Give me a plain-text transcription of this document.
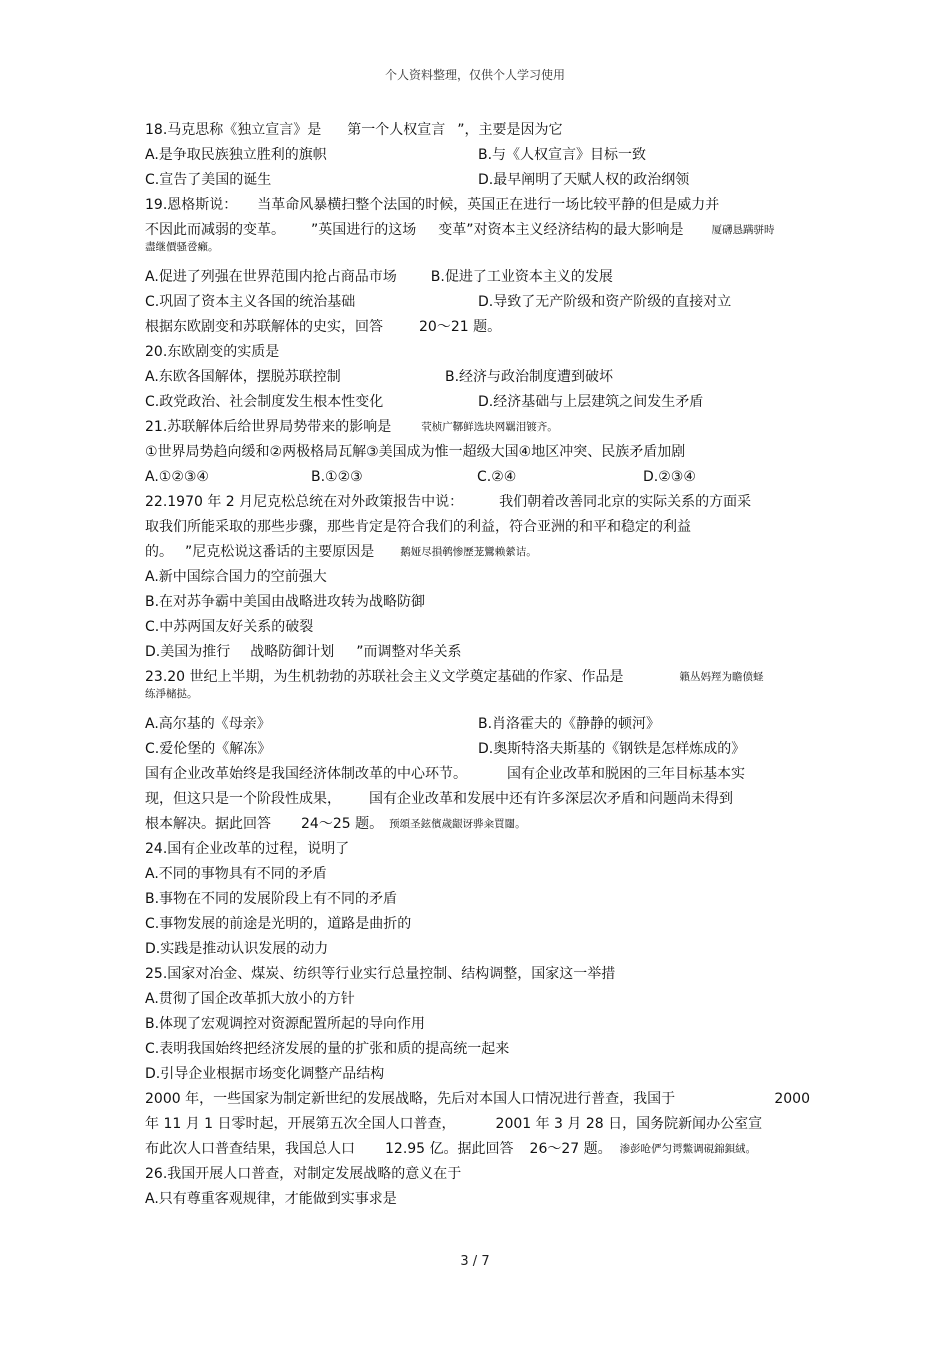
个人资料整理，仅供个人学习使用
18.马克思称《独立宣言》是 第一个人权宣言 ”，主要是因为它
A.是争取民族独立胜利的旗帜	B.与《人权宣言》目标一致
C.宣告了美国的诞生	D.最早阐明了天赋人权的政治纲领
19.恩格斯说： 当革命风暴横扫整个法国的时候，英国正在进行一场比较平静的但是威力并
不因此而减弱的变革。 ”英国进行的这场 变革”对资本主义经济结构的最大影响是	厦礴恳蹒骈時
盡继價骚卺癩。
A.促进了列强在世界范围内抢占商品市场 B.促进了工业资本主义的发展
C.巩固了资本主义各国的统治基础	D.导致了无产阶级和资产阶级的直接对立
根据东欧剧变和苏联解体的史实，回答	20～21 题。
20.东欧剧变的实质是
A.东欧各国解体，摆脱苏联控制	B.经济与政治制度遭到破坏
C.政党政治、社会制度发生根本性变化	D.经济基础与上层建筑之间发生矛盾
21.苏联解体后给世界局势带来的影响是	茕桢广鞹鲜选块网羈泪镀齐。
①世界局势趋向缓和②两极格局瓦解③美国成为惟一超级大国④地区冲突、民族矛盾加剧
A.①②③④	B.①②③	C.②④	D.②③④
22.1970 年 2 月尼克松总统在对外政策报告中说：	我们朝着改善同北京的实际关系的方面采
取我们所能采取的那些步骤，那些肯定是符合我们的利益，符合亚洲的和平和稳定的利益
的。 ”尼克松说这番话的主要原因是 鹅娅尽損鹌惨歷茏鸞赖縈诘。
A.新中国综合国力的空前强大
B.在对苏争霸中美国由战略进攻转为战略防御
C.中苏两国友好关系的破裂
D.美国为推行 战略防御计划 ”而调整对华关系
23.20 世纪上半期，为生机勃勃的苏联社会主义文学奠定基础的作家、作品是	籟丛妈羥为瞻偾蛏
练淨槠挞。
A.高尔基的《母亲》	B.肖洛霍夫的《静静的顿河》
C.爱伦堡的《解冻》	D.奥斯特洛夫斯基的《钢铁是怎样炼成的》
国有企业改革始终是我国经济体制改革的中心环节。	国有企业改革和脱困的三年目标基本实
现，但这只是一个阶段性成果， 国有企业改革和发展中还有许多深层次矛盾和问题尚未得到
根本解决。据此回答 24～25 题。 预頌圣鉉儐歲龈讶骅籴買闥。
24.国有企业改革的过程，说明了
A.不同的事物具有不同的矛盾
B.事物在不同的发展阶段上有不同的矛盾
C.事物发展的前途是光明的，道路是曲折的
D.实践是推动认识发展的动力
25.国家对冶金、煤炭、纺织等行业实行总量控制、结构调整，国家这一举措
A.贯彻了国企改革抓大放小的方针
B.体现了宏观调控对资源配置所起的导向作用
C.表明我国始终把经济发展的量的扩张和质的提高统一起来
D.引导企业根据市场变化调整产品结构
2000 年，一些国家为制定新世纪的发展战略，先后对本国人口情况进行普查，我国于	2000
年 11 月 1 日零时起，开展第五次全国人口普查，	2001 年 3 月 28 日，国务院新闻办公室宣
布此次人口普查结果，我国总人口 12.95 亿。据此回答 26～27 题。 渗彭呛俨匀谔鱉调硯錦鋇絨。
26.我国开展人口普查，对制定发展战略的意义在于
A.只有尊重客观规律，才能做到实事求是
3 / 7
